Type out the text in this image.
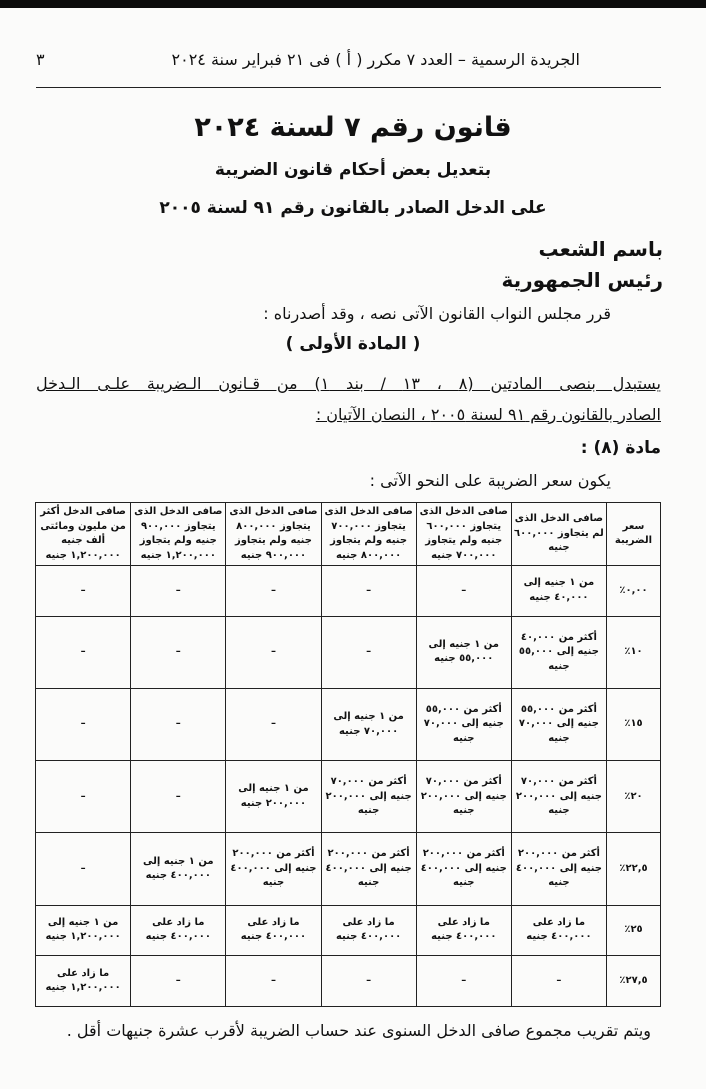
الجريدة الرسمية – العدد ٧ مكرر ( أ ) فى ٢١ فبراير سنة ٢٠٢٤
٣
قانون رقم ٧ لسنة ٢٠٢٤
بتعديل بعض أحكام قانون الضريبة
على الدخل الصادر بالقانون رقم ٩١ لسنة ٢٠٠٥
باسم الشعب
رئيس الجمهورية
قرر مجلس النواب القانون الآتى نصه ، وقد أصدرناه :
( المادة الأولى )
يستبدل بنصى المادتين (٨ ، ١٣ / بند ١) من قـانون الـضريبة علـى الـدخل
الصادر بالقانون رقم ٩١ لسنة ٢٠٠٥ ، النصان الآتيان :
مادة (٨) :
يكون سعر الضريبة على النحو الآتى :
سعر الضريبة	صافى الدخل الذى لم يتجاوز ٦٠٠,٠٠٠ جنيه	صافى الدخل الذى يتجاوز ٦٠٠,٠٠٠ جنيه ولم يتجاوز ٧٠٠,٠٠٠ جنيه	صافى الدخل الذى يتجاوز ٧٠٠,٠٠٠ جنيه ولم يتجاوز ٨٠٠,٠٠٠ جنيه	صافى الدخل الذى يتجاوز ٨٠٠,٠٠٠ جنيه ولم يتجاوز ٩٠٠,٠٠٠ جنيه	صافى الدخل الذى يتجاوز ٩٠٠,٠٠٠ جنيه ولم يتجاوز ١,٢٠٠,٠٠٠ جنيه	صافى الدخل أكثر من مليون ومائتى ألف جنيه ١,٢٠٠,٠٠٠ جنيه
٠,٠٠٪	من ١ جنيه إلى ٤٠,٠٠٠ جنيه	–	–	–	–	–
١٠٪	أكثر من ٤٠,٠٠٠ جنيه إلى ٥٥,٠٠٠ جنيه	من ١ جنيه إلى ٥٥,٠٠٠ جنيه	–	–	–	–
١٥٪	أكثر من ٥٥,٠٠٠ جنيه إلى ٧٠,٠٠٠ جنيه	أكثر من ٥٥,٠٠٠ جنيه إلى ٧٠,٠٠٠ جنيه	من ١ جنيه إلى ٧٠,٠٠٠ جنيه	–	–	–
٢٠٪	أكثر من ٧٠,٠٠٠ جنيه إلى ٢٠٠,٠٠٠ جنيه	أكثر من ٧٠,٠٠٠ جنيه إلى ٢٠٠,٠٠٠ جنيه	أكثر من ٧٠,٠٠٠ جنيه إلى ٢٠٠,٠٠٠ جنيه	من ١ جنيه إلى ٢٠٠,٠٠٠ جنيه	–	–
٢٢,٥٪	أكثر من ٢٠٠,٠٠٠ جنيه إلى ٤٠٠,٠٠٠ جنيه	أكثر من ٢٠٠,٠٠٠ جنيه إلى ٤٠٠,٠٠٠ جنيه	أكثر من ٢٠٠,٠٠٠ جنيه إلى ٤٠٠,٠٠٠ جنيه	أكثر من ٢٠٠,٠٠٠ جنيه إلى ٤٠٠,٠٠٠ جنيه	من ١ جنيه إلى ٤٠٠,٠٠٠ جنيه	–
٢٥٪	ما زاد على ٤٠٠,٠٠٠ جنيه	ما زاد على ٤٠٠,٠٠٠ جنيه	ما زاد على ٤٠٠,٠٠٠ جنيه	ما زاد على ٤٠٠,٠٠٠ جنيه	ما زاد على ٤٠٠,٠٠٠ جنيه	من ١ جنيه إلى ١,٢٠٠,٠٠٠ جنيه
٢٧,٥٪	–	–	–	–	–	ما زاد على ١,٢٠٠,٠٠٠ جنيه
ويتم تقريب مجموع صافى الدخل السنوى عند حساب الضريبة لأقرب عشرة جنيهات أقل .
